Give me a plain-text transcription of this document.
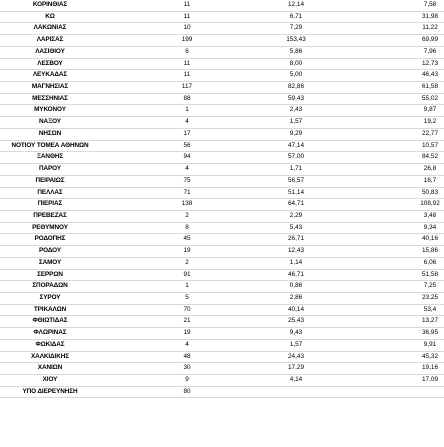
ΚΟΡΙΝΘΙΑΣ		11		12,14		7,58
ΚΩ		11		6,71		31,98
ΛΑΚΩΝΙΑΣ		10		7,29		11,22
ΛΑΡΙΣΑΣ		199		153,43		69,99
ΛΑΣΙΘΙΟΥ		6		5,86		7,96
ΛΕΣΒΟΥ		11		8,00		12,73
ΛΕΥΚΑΔΑΣ		11		5,00		46,43
ΜΑΓΝΗΣΙΑΣ		117		82,86		61,58
ΜΕΣΣΗΝΙΑΣ		88		59,43		55,02
ΜΥΚΟΝΟΥ		1		2,43		9,87
ΝΑΞΟΥ		4		1,57		19,2
ΝΗΣΩΝ		17		9,29		22,77
ΝΟΤΙΟΥ ΤΟΜΕΑ ΑΘΗΝΩΝ		56		47,14		10,57
ΞΑΝΘΗΣ		94		57,00		84,52
ΠΑΡΟΥ		4		1,71		26,8
ΠΕΙΡΑΙΩΣ		75		56,57		16,7
ΠΕΛΛΑΣ		71		51,14		50,83
ΠΙΕΡΙΑΣ		138		64,71		108,92
ΠΡΕΒΕΖΑΣ		2		2,29		3,48
ΡΕΘΥΜΝΟΥ		8		5,43		9,34
ΡΟΔΟΠΗΣ		45		26,71		40,16
ΡΟΔΟΥ		19		12,43		15,86
ΣΑΜΟΥ		2		1,14		6,06
ΣΕΡΡΩΝ		91		46,71		51,58
ΣΠΟΡΑΔΩΝ		1		0,86		7,25
ΣΥΡΟΥ		5		2,86		23,25
ΤΡΙΚΑΛΩΝ		70		40,14		53,4
ΦΘΙΩΤΙΔΑΣ		21		25,43		13,27
ΦΛΩΡΙΝΑΣ		19		9,43		36,95
ΦΩΚΙΔΑΣ		4		1,57		9,91
ΧΑΛΚΙΔΙΚΗΣ		48		24,43		45,32
ΧΑΝΙΩΝ		30		17,29		19,16
ΧΙΟΥ		9		4,14		17,09
ΥΠΟ ΔΙΕΡΕΥΝΗΣΗ		80				
